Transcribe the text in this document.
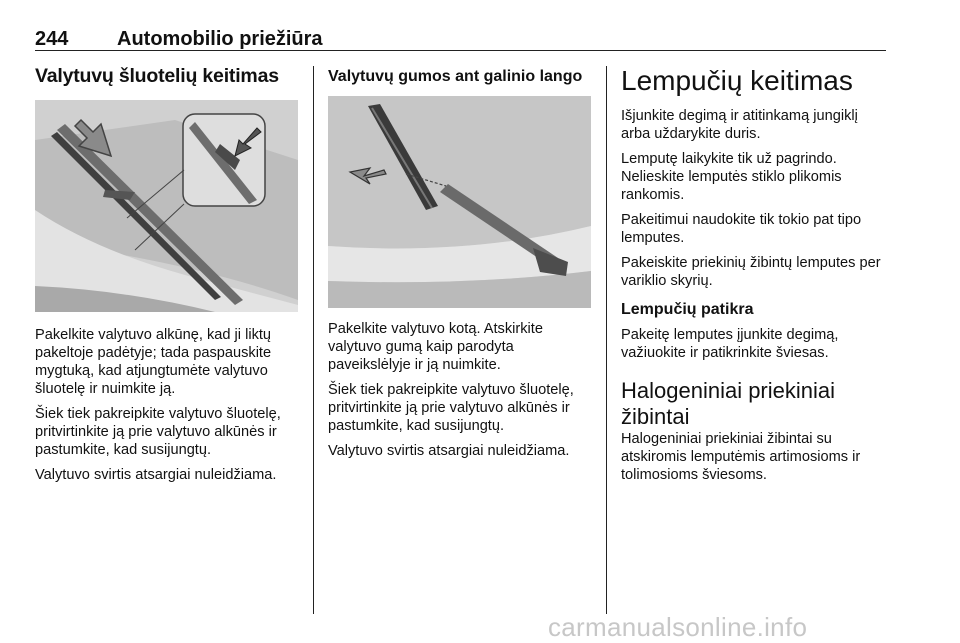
244 Automobilio priežiūra
Valytuvų šluotelių keitimas

Pakelkite valytuvo alkūnę, kad ji liktų pakeltoje padėtyje; tada paspauskite mygtuką, kad atjungtumėte valytuvo šluotelę ir nuimkite ją.

Šiek tiek pakreipkite valytuvo šluotelę, pritvirtinkite ją prie valytuvo alkūnės ir pastumkite, kad susijungtų.

Valytuvo svirtis atsargiai nuleidžiama.

Valytuvų gumos ant galinio lango

Pakelkite valytuvo kotą. Atskirkite valytuvo gumą kaip parodyta paveikslėlyje ir ją nuimkite.

Šiek tiek pakreipkite valytuvo šluotelę, pritvirtinkite ją prie valytuvo alkūnės ir pastumkite, kad susijungtų.

Valytuvo svirtis atsargiai nuleidžiama.

Lempučių keitimas

Išjunkite degimą ir atitinkamą jungiklį arba uždarykite duris.

Lemputę laikykite tik už pagrindo. Nelieskite lemputės stiklo plikomis rankomis.

Pakeitimui naudokite tik tokio pat tipo lemputes.

Pakeiskite priekinių žibintų lemputes per variklio skyrių.

Lempučių patikra

Pakeitę lemputes įjunkite degimą, važiuokite ir patikrinkite šviesas.

Halogeniniai priekiniai žibintai

Halogeniniai priekiniai žibintai su atskiromis lemputėmis artimosioms ir tolimosioms šviesoms.

carmanualsonline.info
